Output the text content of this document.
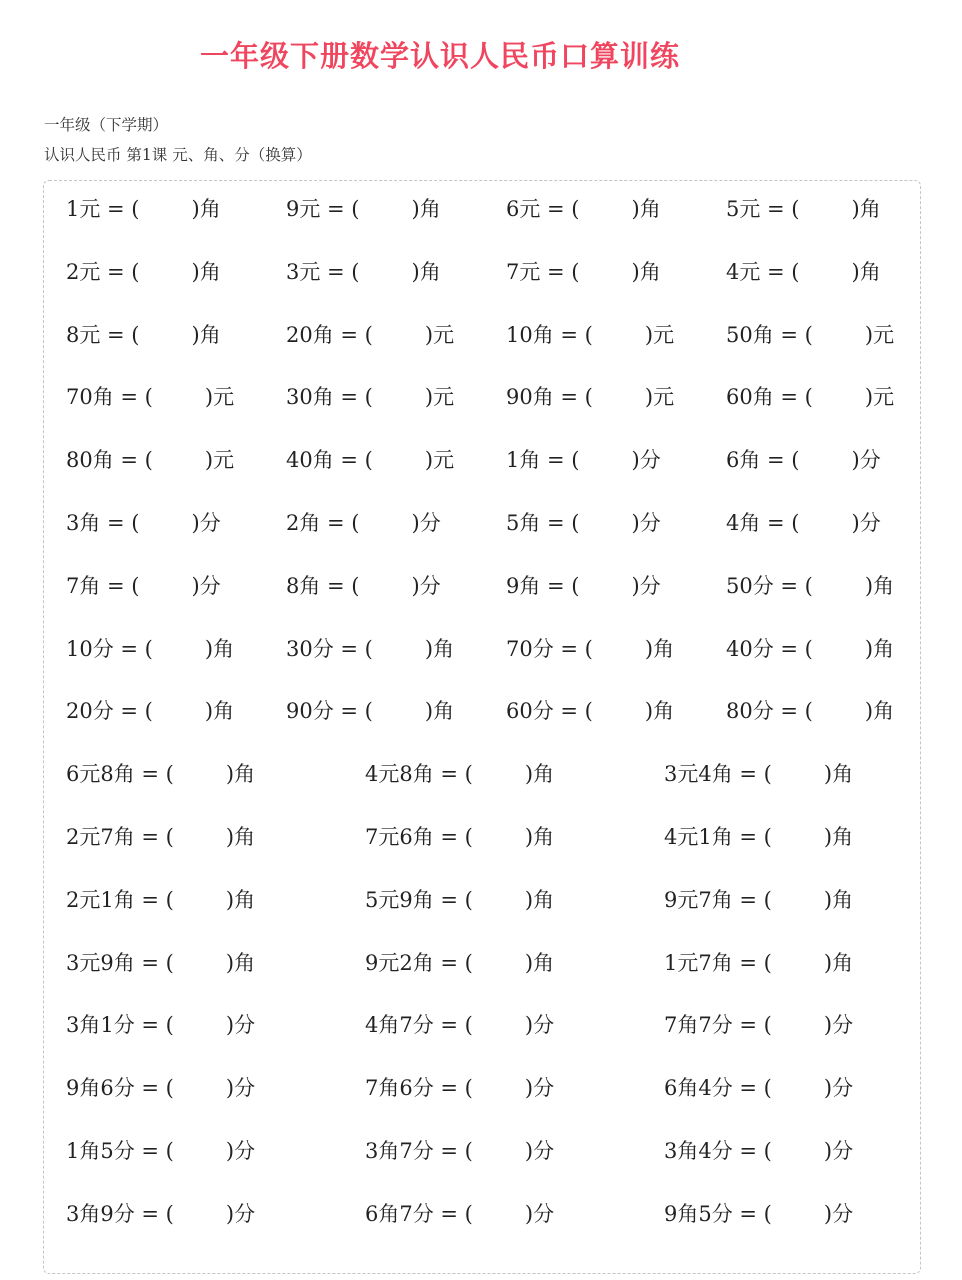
一年级下册数学认识人民币口算训练
一年级（下学期）
认识人民币 第1课 元、角、分（换算）
1元 = ( )角	9元 = ( )角	6元 = ( )角	5元 = ( )角
2元 = ( )角	3元 = ( )角	7元 = ( )角	4元 = ( )角
8元 = ( )角	20角 = ( )元 10角 = ( )元 50角 = ( )元
70角 = ( )元 30角 = ( )元 90角 = ( )元 60角 = ( )元
80角 = ( )元 40角 = ( )元 1角 = ( )分	6角 = ( )分
3角 = ( )分	2角 = ( )分	5角 = ( )分	4角 = ( )分
7角 = ( )分	8角 = ( )分	9角 = ( )分	50分 = ( )角
10分 = ( )角 30分 = ( )角 70分 = ( )角 40分 = ( )角
20分 = ( )角 90分 = ( )角 60分 = ( )角 80分 = ( )角
6元8角 = ( )角	4元8角 = ( )角	3元4角 = ( )角
2元7角 = ( )角	7元6角 = ( )角	4元1角 = ( )角
2元1角 = ( )角	5元9角 = ( )角	9元7角 = ( )角
3元9角 = ( )角	9元2角 = ( )角	1元7角 = ( )角
3角1分 = ( )分	4角7分 = ( )分	7角7分 = ( )分
9角6分 = ( )分	7角6分 = ( )分	6角4分 = ( )分
1角5分 = ( )分	3角7分 = ( )分	3角4分 = ( )分
3角9分 = ( )分	6角7分 = ( )分	9角5分 = ( )分
